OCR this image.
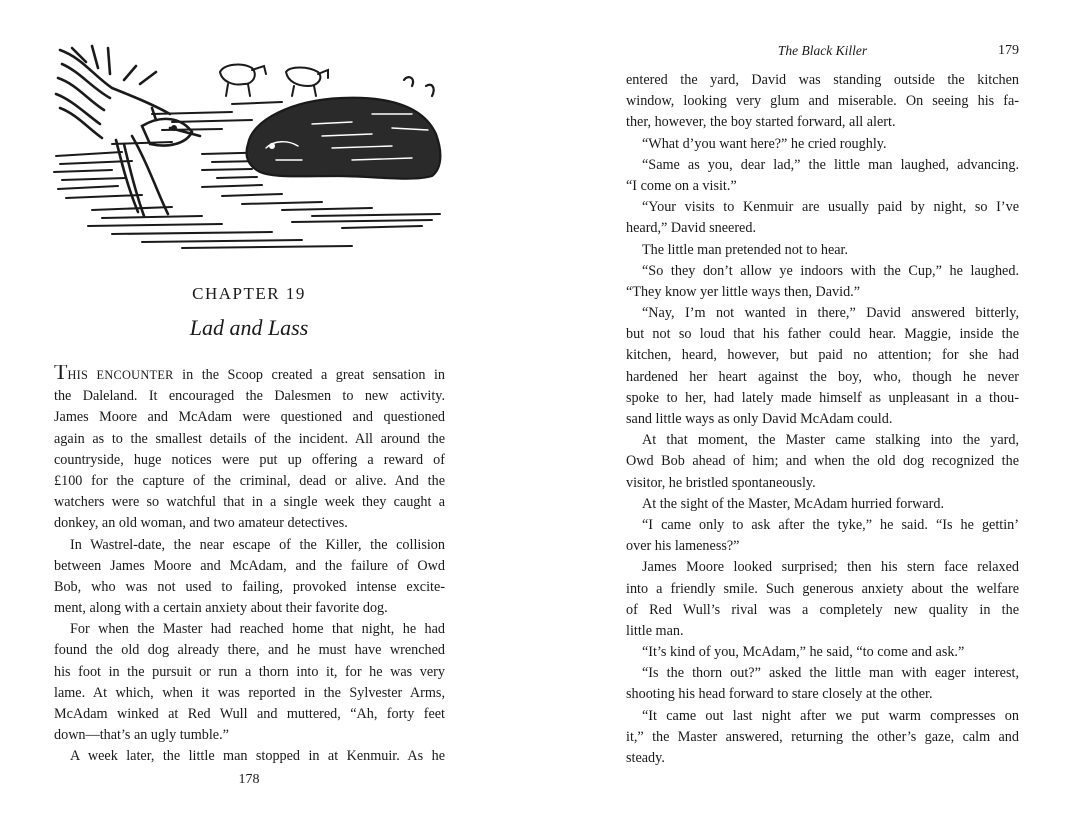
CHAPTER 19
Lad and Lass
THIS ENCOUNTER in the Scoop created a great sensation in
the Daleland. It encouraged the Dalesmen to new activity.
James Moore and McAdam were questioned and questioned
again as to the smallest details of the incident. All around the
countryside, huge notices were put up offering a reward of
£100 for the capture of the criminal, dead or alive. And the
watchers were so watchful that in a single week they caught a
donkey, an old woman, and two amateur detectives.
In Wastrel-date, the near escape of the Killer, the collision
between James Moore and McAdam, and the failure of Owd
Bob, who was not used to failing, provoked intense excite-
ment, along with a certain anxiety about their favorite dog.
For when the Master had reached home that night, he had
found the old dog already there, and he must have wrenched
his foot in the pursuit or run a thorn into it, for he was very
lame. At which, when it was reported in the Sylvester Arms,
McAdam winked at Red Wull and muttered, “Ah, forty feet
down—that’s an ugly tumble.”
A week later, the little man stopped in at Kenmuir. As he
178
The Black Killer	179
entered the yard, David was standing outside the kitchen
window, looking very glum and miserable. On seeing his fa-
ther, however, the boy started forward, all alert.
“What d’you want here?” he cried roughly.
“Same as you, dear lad,” the little man laughed, advancing.
“I come on a visit.”
“Your visits to Kenmuir are usually paid by night, so I’ve
heard,” David sneered.
The little man pretended not to hear.
“So they don’t allow ye indoors with the Cup,” he laughed.
“They know yer little ways then, David.”
“Nay, I’m not wanted in there,” David answered bitterly,
but not so loud that his father could hear. Maggie, inside the
kitchen, heard, however, but paid no attention; for she had
hardened her heart against the boy, who, though he never
spoke to her, had lately made himself as unpleasant in a thou-
sand little ways as only David McAdam could.
At that moment, the Master came stalking into the yard,
Owd Bob ahead of him; and when the old dog recognized the
visitor, he bristled spontaneously.
At the sight of the Master, McAdam hurried forward.
“I came only to ask after the tyke,” he said. “Is he gettin’
over his lameness?”
James Moore looked surprised; then his stern face relaxed
into a friendly smile. Such generous anxiety about the welfare
of Red Wull’s rival was a completely new quality in the
little man.
“It’s kind of you, McAdam,” he said, “to come and ask.”
“Is the thorn out?” asked the little man with eager interest,
shooting his head forward to stare closely at the other.
“It came out last night after we put warm compresses on
it,” the Master answered, returning the other’s gaze, calm and
steady.
